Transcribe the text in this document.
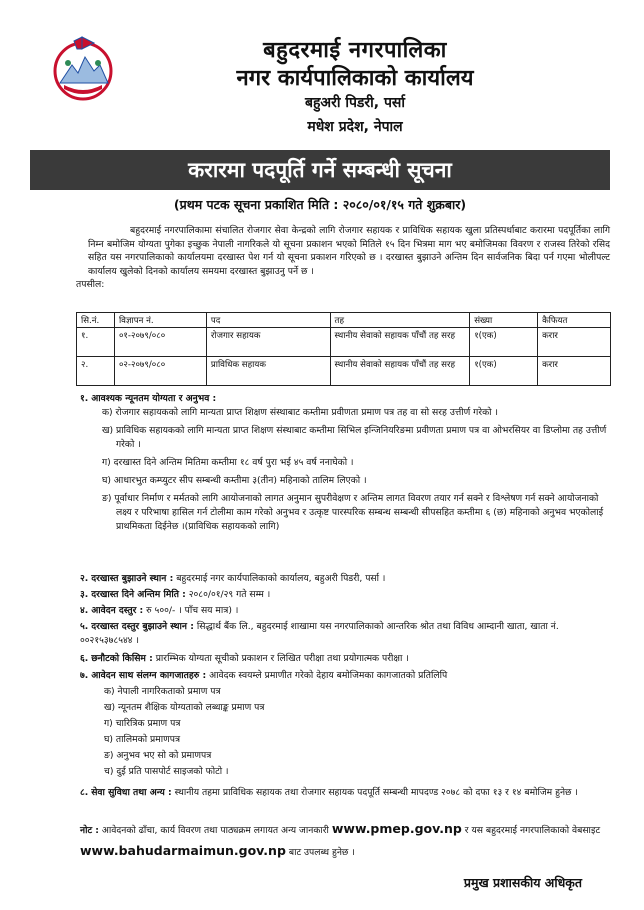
बहुदरमाई नगरपालिका
नगर कार्यपालिकाको कार्यालय
बहुअरी पिडरी, पर्सा
मधेश प्रदेश, नेपाल
करारमा पदपूर्ति गर्ने सम्बन्धी सूचना
(प्रथम पटक सूचना प्रकाशित मिति : २०८०/०१/१५ गते शुक्रबार)
बहुदरमाई नगरपालिकामा संचालित रोजगार सेवा केन्द्रको लागि रोजगार सहायक र प्राविधिक सहायक खुला प्रतिस्पर्धाबाट करारमा पदपूर्तिका लागि निम्न बमोजिम योग्यता पुगेका इच्छुक नेपाली नागरिकले यो सूचना प्रकाशन भएको मितिले १५ दिन भित्रमा माग भए बमोजिमका विवरण र राजस्व तिरेको रसिद सहित यस नगरपालिकाको कार्यालयमा दरखास्त पेश गर्न यो सूचना प्रकाशन गरिएको छ । दरखास्त बुझाउने अन्तिम दिन सार्वजनिक बिदा पर्न गएमा भोलीपल्ट कार्यालय खुलेको दिनको कार्यालय समयमा दरखास्त बुझाउनु पर्ने छ ।
तपसील:
सि.नं.	विज्ञापन नं.	पद	तह	संख्या	कैफियत
१.	०१-२०७९/०८०	रोजगार सहायक	स्थानीय सेवाको सहायक पाँचौं तह सरह	१(एक)	करार
२.	०२-२०७९/०८०	प्राविधिक सहायक	स्थानीय सेवाको सहायक पाँचौं तह सरह	१(एक)	करार
१. आवश्यक न्यूनतम योग्यता र अनुभव :
क) रोजगार सहायकको लागि मान्यता प्राप्त शिक्षण संस्थाबाट कम्तीमा प्रवीणता प्रमाण पत्र तह वा सो सरह उत्तीर्ण गरेको ।
ख) प्राविधिक सहायकको लागि मान्यता प्राप्त शिक्षण संस्थाबाट कम्तीमा सिभिल इन्जिनियरिङमा प्रवीणता प्रमाण पत्र वा ओभरसियर वा डिप्लोमा तह उत्तीर्ण गरेको ।
ग) दरखास्त दिने अन्तिम मितिमा कम्तीमा १८ वर्ष पुरा भई ४५ वर्ष ननाघेको ।
घ) आधारभुत कम्प्युटर सीप सम्बन्धी कम्तीमा ३(तीन) महिनाको तालिम लिएको ।
ङ) पूर्वाधार निर्माण र मर्मतको लागि आयोजनाको लागत अनुमान सुपरीवेक्षण र अन्तिम लागत विवरण तयार गर्न सक्ने र विश्लेषण गर्न सक्ने आयोजनाको लक्ष्य र परिभाषा हासिल गर्न टोलीमा काम गरेको अनुभव र उत्कृष्ट पारस्परिक सम्बन्ध सम्बन्धी सीपसहित कम्तीमा ६ (छ) महिनाको अनुभव भएकोलाई प्राथमिकता दिईनेछ ।(प्राविधिक सहायकको लागि)
२. दरखास्त बुझाउने स्थान : बहुदरमाई नगर कार्यपालिकाको कार्यालय, बहुअरी पिडरी, पर्सा ।
३. दरखास्त दिने अन्तिम मिति : २०८०/०१/२९ गते सम्म ।
४. आवेदन दस्तुर : रु ५००/- । पाँच सय मात्र) ।
५. दरखास्त दस्तुर बुझाउने स्थान : सिद्धार्थ बैंक लि., बहुदरमाई शाखामा यस नगरपालिकाको आन्तरिक श्रोत तथा विविध आम्दानी खाता, खाता नं. ००२१५३७८५४४ ।
६. छनौटको किसिम : प्रारम्भिक योग्यता सूचीको प्रकाशन र लिखित परीक्षा तथा प्रयोगात्मक परीक्षा ।
७. आवेदन साथ संलग्न कागजातहरु : आवेदक स्वयम्ले प्रमाणीत गरेको देहाय बमोजिमका कागजातको प्रतिलिपि
क) नेपाली नागरिकताको प्रमाण पत्र
ख) न्यूनतम शैक्षिक योग्यताको लब्धाङ्क प्रमाण पत्र
ग) चारित्रिक प्रमाण पत्र
घ) तालिमको प्रमाणपत्र
ङ) अनुभव भए सो को प्रमाणपत्र
च) दुई प्रति पासपोर्ट साइजको फोटो ।
८. सेवा सुविधा तथा अन्य : स्थानीय तहमा प्राविधिक सहायक तथा रोजगार सहायक पदपूर्ति सम्बन्धी मापदण्ड २०७८ को दफा १३ र १४ बमोजिम हुनेछ ।
नोट : आवेदनको ढाँचा, कार्य विवरण तथा पाठ्यक्रम लगायत अन्य जानकारी www.pmep.gov.np र यस बहुदरमाई नगरपालिकाको वेबसाइट www.bahudarmaimun.gov.np बाट उपलब्ध हुनेछ ।
प्रमुख प्रशासकीय अधिकृत
